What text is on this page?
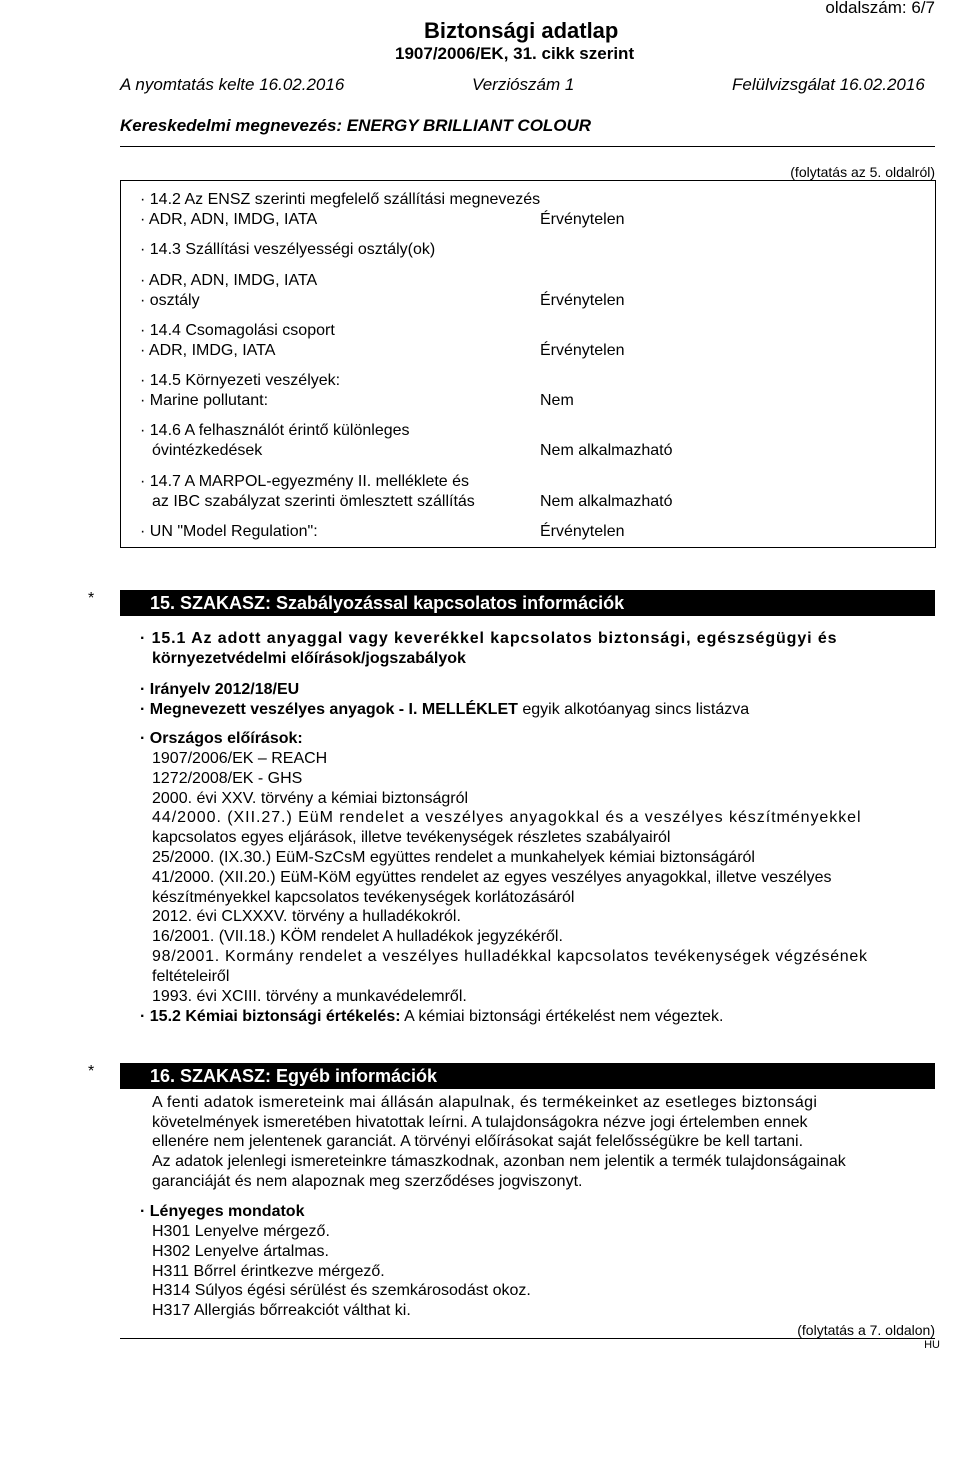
oldalszám: 6/7
Biztonsági adatlap
1907/2006/EK, 31. cikk szerint
A nyomtatás kelte 16.02.2016	Verziószám 1	Felülvizsgálat 16.02.2016
Kereskedelmi megnevezés: ENERGY BRILLIANT COLOUR
(folytatás az 5. oldalról)
· 14.2 Az ENSZ szerinti megfelelő szállítási megnevezés
· ADR, ADN, IMDG, IATA	Érvénytelen
· 14.3 Szállítási veszélyességi osztály(ok)
· ADR, ADN, IMDG, IATA
· osztály	Érvénytelen
· 14.4 Csomagolási csoport
· ADR, IMDG, IATA	Érvénytelen
· 14.5 Környezeti veszélyek:
· Marine pollutant:	Nem
· 14.6 A felhasználót érintő különleges
óvintézkedések	Nem alkalmazható
· 14.7 A MARPOL-egyezmény II. melléklete és
az IBC szabályzat szerinti ömlesztett szállítás	Nem alkalmazható
· UN "Model Regulation":	Érvénytelen
*	15. SZAKASZ: Szabályozással kapcsolatos információk
· 15.1 Az adott anyaggal vagy keverékkel kapcsolatos biztonsági, egészségügyi és
környezetvédelmi előírások/jogszabályok
· Irányelv 2012/18/EU
· Megnevezett veszélyes anyagok - I. MELLÉKLET egyik alkotóanyag sincs listázva
· Országos előírások:
1907/2006/EK – REACH
1272/2008/EK - GHS
2000. évi XXV. törvény a kémiai biztonságról
44/2000. (XII.27.) EüM rendelet a veszélyes anyagokkal és a veszélyes készítményekkel
kapcsolatos egyes eljárások, illetve tevékenységek részletes szabályairól
25/2000. (IX.30.) EüM-SzCsM együttes rendelet a munkahelyek kémiai biztonságáról
41/2000. (XII.20.) EüM-KöM együttes rendelet az egyes veszélyes anyagokkal, illetve veszélyes
készítményekkel kapcsolatos tevékenységek korlátozásáról
2012. évi CLXXXV. törvény a hulladékokról.
16/2001. (VII.18.) KÖM rendelet A hulladékok jegyzékéről.
98/2001. Kormány rendelet a veszélyes hulladékkal kapcsolatos tevékenységek végzésének
feltételeiről
1993. évi XCIII. törvény a munkavédelemről.
· 15.2 Kémiai biztonsági értékelés: A kémiai biztonsági értékelést nem végeztek.
*	16. SZAKASZ: Egyéb információk
A fenti adatok ismereteink mai állásán alapulnak, és termékeinket az esetleges biztonsági
követelmények ismeretében hivatottak leírni. A tulajdonságokra nézve jogi értelemben ennek
ellenére nem jelentenek garanciát. A törvényi előírásokat saját felelősségükre be kell tartani.
Az adatok jelenlegi ismereteinkre támaszkodnak, azonban nem jelentik a termék tulajdonságainak
garanciáját és nem alapoznak meg szerződéses jogviszonyt.
· Lényeges mondatok
H301 Lenyelve mérgező.
H302 Lenyelve ártalmas.
H311 Bőrrel érintkezve mérgező.
H314 Súlyos égési sérülést és szemkárosodást okoz.
H317 Allergiás bőrreakciót válthat ki.
(folytatás a 7. oldalon)
HU
